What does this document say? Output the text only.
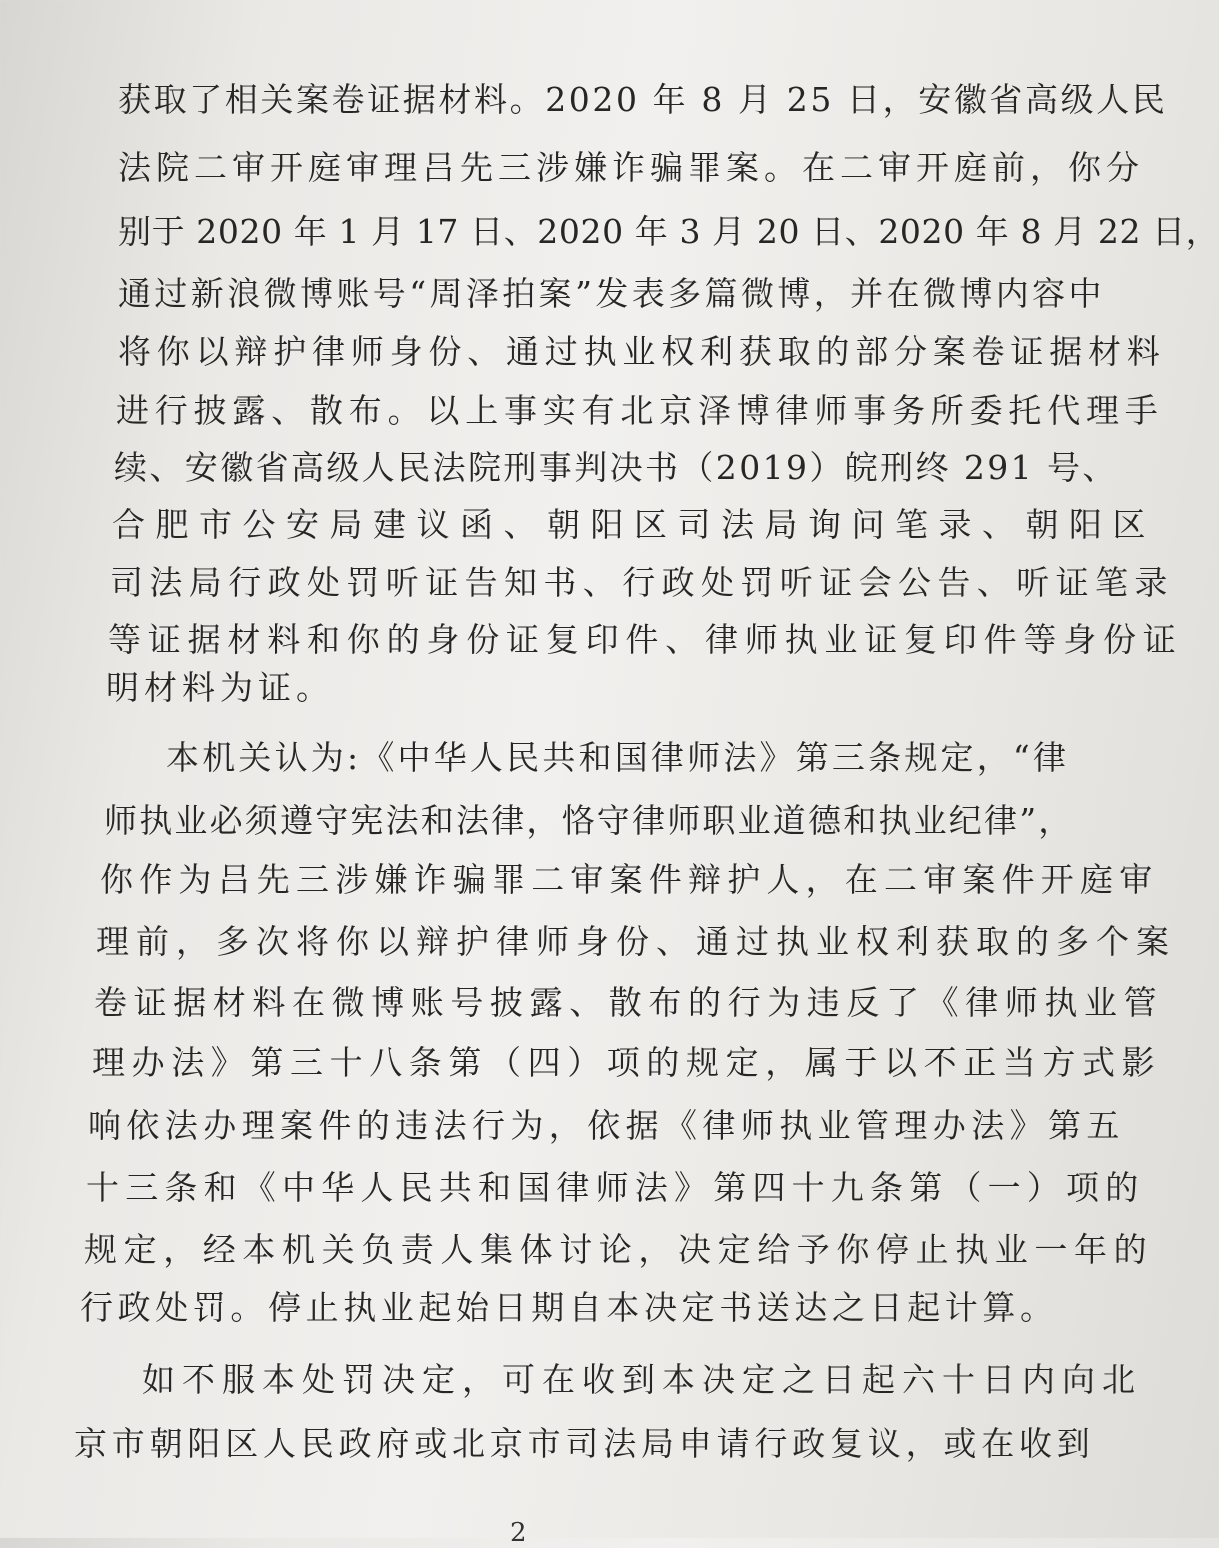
获取了相关案卷证据材料。2020 年 8 月 25 日，安徽省高级人民
法院二审开庭审理吕先三涉嫌诈骗罪案。在二审开庭前，你分
别于 2020 年 1 月 17 日、2020 年 3 月 20 日、2020 年 8 月 22 日，
通过新浪微博账号“周泽拍案”发表多篇微博，并在微博内容中
将你以辩护律师身份、通过执业权利获取的部分案卷证据材料
进行披露、散布。以上事实有北京泽博律师事务所委托代理手
续、安徽省高级人民法院刑事判决书（2019）皖刑终 291 号、
合肥市公安局建议函、朝阳区司法局询问笔录、朝阳区
司法局行政处罚听证告知书、行政处罚听证会公告、听证笔录
等证据材料和你的身份证复印件、律师执业证复印件等身份证
明材料为证。
本机关认为:《中华人民共和国律师法》第三条规定，“律
师执业必须遵守宪法和法律，恪守律师职业道德和执业纪律”，
你作为吕先三涉嫌诈骗罪二审案件辩护人，在二审案件开庭审
理前，多次将你以辩护律师身份、通过执业权利获取的多个案
卷证据材料在微博账号披露、散布的行为违反了《律师执业管
理办法》第三十八条第（四）项的规定，属于以不正当方式影
响依法办理案件的违法行为，依据《律师执业管理办法》第五
十三条和《中华人民共和国律师法》第四十九条第（一）项的
规定，经本机关负责人集体讨论，决定给予你停止执业一年的
行政处罚。停止执业起始日期自本决定书送达之日起计算。
如不服本处罚决定，可在收到本决定之日起六十日内向北
京市朝阳区人民政府或北京市司法局申请行政复议，或在收到
2
